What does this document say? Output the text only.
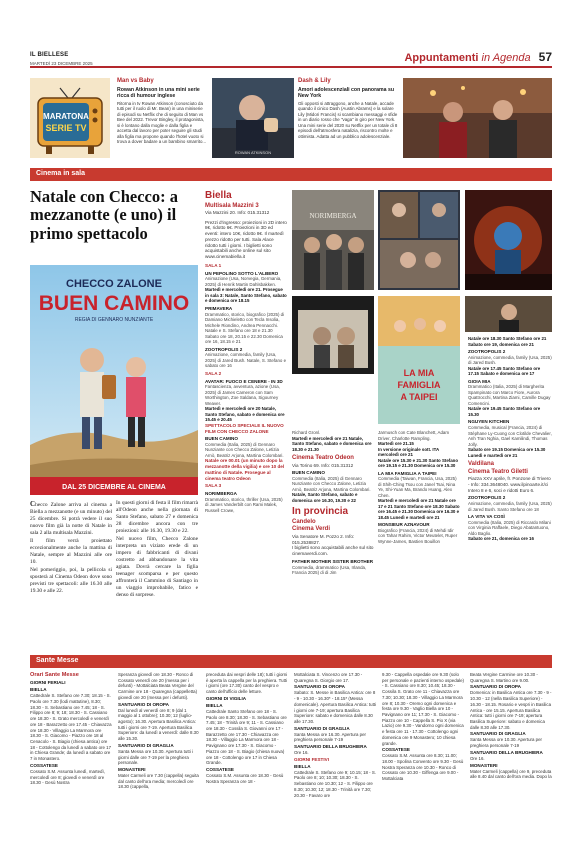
IL BIELLESE
MARTEDÌ 23 DICEMBRE 2025	Appuntamenti in Agenda 57
MARATONA
SERIE TV
Man vs Baby
Rowan Atkinson in una mini serie ricca di humour inglese

Ritorna in tv Rowan Atkinson (conosciuto da tutti per il ruolo di Mr. Bean) in una miniserie di episodi su Netflix che di seguito di Man vs Bee del 2022. Trevor Bingley, il protagonista, si è lontano dalla moglie e dalla figlia e accetta dal lavoro per poter seguire gli studi alla figlia ma propone quando l'hotel vuoto si trova a dover badare a un bambino smarrito...

ROWAN ATKINSON
Dash & Lily
Amori adolescenziali con panorama su New York

Gli opposti si attraggono, anche a Natale, accade quando il cinico Dash (Austin Abrams) e la solare Lily (Midori Francis) si scambiano messaggi e sfide in un diario rosso che "vaga" in giro per New York. Una mini serie del 2020 su Netflix per un totale di 8 episodi dell'atmosfera natalizia, riscontro molte e ottimista. Adatta ad un pubblico adolescenziale.

Cinema in sala
Natale con Checco: a mezzanotte (e uno) il primo spettacolo
CHECCO ZALONE
BUEN CAMINO
REGIA DI GENNARO NUNZIANTE
DAL 25 DICEMBRE AL CINEMA

Checco Zalone arriva al cinema a Biella a mezzanotte (e un minuto) del 25 dicembre. Si potrà vedere il suo nuovo film già la notte di Natale in sala 2 alla multisala Mazzini.

Il film verrà proiettato eccezionalmente anche la mattina di Natale, sempre al Mazzini alle ore 10.

Nel pomeriggio, poi, la pellicola si sposterà al Cinema Odeon dove sono previsti tre spettacoli: alle 16.30 alle 19.30 e alle 22.

In questi giorni di festa il film rimarrà all'Odeon anche nella giornata di Santo Stefano, sabato 27 e domenica 28 dicembre ancora con tre proiezioni: alle 16.30, 19.30 e 22.

Nel nuovo film, Checco Zalone interpreta un viziato erede di un impero di fabbricanti di divani costretto ad abbandonare la vita agiata. Dovrà cercare la figlia teenager scomparsa e per questo affronterà il Cammino di Santiago in un viaggio improbabile, fatico e denso di sorprese.

Biella
Multisala Mazzini 3
Via Mazzini 20. Info: 015.31312
Prezzi d'ingresso: proiezioni in 2D intero 8€, ridotto 6€. Proiezioni in 3D ed eventi: intero 10€, ridotto 8€. Il martedì prezzo ridotto per tutti. Sala Alace ridotto tutti i giorni. I biglietti sono acquistabili anche online sul sito www.cinemabiella.it
SALA 1
UN PEPOLINO SOTTO L'ALBERO
Animazione (Usa, Norvegia, Germania, 2025) di Henrik Martin Dahlsbakken.
Martedì e mercoledì ore 21. Prosegue in sala 3: Natale, Santo Stefano, sabato e domenica ore 18.15
PRIMAVERA
Drammatico, storico, biografico (2025) di Damiano Michieletto con Tecla Insolia, Michele Riondino, Andrea Pennacchi. Natale e S. Stefano ore 18 e 21.30 Sabato ore 18, 20.15 e 22.30 Domenica ore 16, 18.15 e 21
ZOOTROPOLIS 2
Animazione, commedia, family (Usa, 2025) di Jared Bush. Natale, S. Stefano e sabato ore 16
SALA 2
AVATAR: FUOCO E CENERE - IN 3D
Fantascienza, avventura, azione (Usa, 2025) di James Cameron con Sam Worthington, Zoe Saldana, Sigourney Weaver.
Martedì e mercoledì ore 20 Natale, Santo Stefano, sabato e domenica ore 15.45 e 20.45
SPETTACOLO SPECIALE IL NUOVO FILM CON CHECCO ZALONE
BUEN CAMINO
Commedia (Italia, 2025) di Gennaro Nunziante con Checco Zalone, Letizia Arnò, Beatriz Arjona, Martina Colombari.
Natale ore 00.01 (un minuto dopo la mezzanotte della vigilia) e ore 10 del mattino di Natale. Prosegue al cinema teatro Odeon
SALA 3
NORIMBERGA
Drammatico, storico, thriller (Usa, 2025) di James Vanderbilt con Rami Malek, Russell Crowe,
NORIMBERGA
LA MIA
FAMIGLIA
A TAIPEI
Richard Gronl.
Martedì e mercoledì ore 21 Natale, Santo Stefano, sabato e domenica ore 18.30 e 21.30
Cinema Teatro Odeon
Via Torino 69. Info: 015.31312
BUEN CAMINO
Commedia (Italia, 2025) di Gennaro Nunziante con Checco Zalone, Letizia Arnò, Beatriz Arjona, Martina Colombari.
Natale, Santo Stefano, sabato e domenica ore 16.30, 19.30 e 22
In provincia
Candelo
Cinema Verdi
Via Senatore M. Pozzo 2. Info: 015.2538827.
I biglietti sono acquistabili anche sul sito cinemaverdi.com.
FATHER MOTHER SISTER BROTHER
Commedia, drammatico (Usa, Irlanda, Francia 2025) di di Jim
Jarmusch con Cate Blanchett, Adam Driver, Charlotte Rampling.
Martedì ore 21.15
In versione originale sott. ITA mercoledì ore 21
Natale ore 15.30 e 21.30 Santo Stefano ore 19.15 e 21.30 Domenica ore 15.30
LA MIA FAMIGLIA A TAIPEI
Commedia (Taiwan, Francia, Usa, 2025) di Shih-Ching Tsou con Janel Tsai, Nina Ye, Shi-Yuan Ma, Brando Huang, Alex Chen.
Martedì e mercoledì ore 21 Natale ore 17 e 21 Santo Stefano ore 18.30 Sabato ore 16.45 e 21.30 Domenica ore 16.30 e 18.45 Lunedì e martedì ore 21
MONSIEUR AZNAVOUR
Biografico (Francia, 2024) di Mehdi Idir con Tahar Rahim, Victor Meutelet, Ruper Wynne-James, Bastien Bouillon
Natale ore 18.30 Santo Stefano ore 21 Sabato ore 19, domenica ore 21
ZOOTROPOLIS 2
Animazione, commedia, family (Usa, 2025) di Jared Bush.
Natale ore 17.45 Santo Stefano ore 17.15 Sabato e domenica ore 17
GIOIA MIA
Drammatico (Italia, 2025) di Margherita Spampinato con Marco Fiore, Aurora Quattrocchi, Martina Ziami, Camille Dugay Comencini.
Natale ore 19.45 Santo Stefano ore 15.30
NGUYEN KITCHEN
Commedia, musical (Francia, 2024) di Stéphane Ly-Cuong con Clotilde Chevalier, Anh Tran Nghia, Gael Kamilindi, Thomas Jolly.
Sabato ore 19.15 Domenica ore 15.30 Lunedì e martedì ore 21
Valdilana
Cinema Teatro Giletti
Piazza XXV aprile, fr. Ponzone di Trivero - Info: 334.3648040. www.ilpinoarte.it/ci
Intero 8 e 6, soci e ridotti Euro 6.
ZOOTROPOLIS 2
Animazione, commedia, family (Usa, 2025) di Jared Bush. Santo Stefano ore 18
LA VITA VA COSÌ
Commedia (Italia, 2025) di Riccardo Milani con Virginia Raffaele, Diego Abatantuono, Aldo Baglio.
Sabato ore 21, domenica ore 16
Sante Messe
Orari Sante Messe
GIORNI FERIALI
BIELLA
Cattedrale S. Stefano ore 7.30; 18.15 - S. Paolo ore 7.30 (lodi mattutine), 8.30; 18.30 - S. Sebastiano ore 7.45; 18 - S. Filippo ore 8; 9; 18; 18.30 - S. Cassiano ore 18.30 - S. Grato mercoledì e venerdì ore 18 - Barazzetto ore 17.45 - Chiavazza ore 18.30 - Villaggio La Marmora ore 18.30 - S. Giacomo - Piazzo ore 18 al Cenacolo - S. Biagio (chiesa antica) ore 18 - Cottolengo da lunedì a sabato ore 17 in Chiesa Grande; da lunedì a sabato ore 7 in Monastero.
COSSATESE
Cossato S.M. Assunta lunedì, martedì, mercoledì ore 8; giovedì e venerdì ore 18.30 - Gesù Nostra
Speranza giovedì ore 18.30 - Ronco di Cossato venerdì ore 20 (messa per i defunti) - Mottalciata Beata Vergine del Carmine ore 18 - Quaregna (cappelletta) giovedì ore 20 (messa per i defunti).
SANTUARIO DI OROPA
Dal lunedì al venerdì ore 8; 9 (dal 1 maggio al 1 ottobre); 10.30; 12 (luglio-agosto); 16.30. Apertura Basilica Antica: tutti i giorni ore 7-19. Apertura Basilica Superiore: da lunedì a venerdì: dalle 8.30 alle 15.30.
SANTUARIO DI GRAGLIA
Santa Messa ore 10.30. Apertura tutti i giorni dalle ore 7-19 per la preghiera personale.
MONASTERI
Mater Carmeli ore 7.30 (cappella) seguita dal canto dell'ora media; mercoledì ore 18.30 (cappella,
preceduta dai vespri delle 18); tutti i giorni è aperta la cappella per la preghiera. Tutti i giorni (ore 17.30) canto del vespro e canto dell'ufficio delle letture.
GIORNI DI VIGILIA
BIELLA
Cattedrale Santo Stefano ore 18 - S. Paolo ore 8.30; 18.30 - S. Sebastiano ore 7.45; 18 - Trinità ore 9; 11 - S. Cassiano ore 18.30 - Cossila S. Giovanni ore 17 - Barazzetto ore 17.30 - Chiavazza ore 18.30 - Villaggio La Marmora ore 18 - Pavignano ore 17.30 - S. Giacomo - Piazzo ore 18 - S. Biagio (chiesa nuova) ore 18 - Cottolengo ore 17 in Chiesa Grande.
COSSATESE
Cossato S.M. Assunta ore 18.30 - Gesù Nostra Speranza ore 18 -
Mottalciata S. Vincenzo ore 17.30 - Quaregna S. Giorgio ore 17.
SANTUARIO DI OROPA
Sabato: S. Messe in Basilica Antica: ore 8 - 9 - 10.30 - 16.30* - 18.15* (Messa domenicale). Apertura Basilica Antica: tutti i giorni ore 7-19; apertura Basilica Superiore: sabato e domenica dalle 8.30 alle 17.30.
SANTUARIO DI GRAGLIA
Santa Messa ore 16.30. Apertura per preghiera personale 7-19
SANTUARIO DELLA BRUGHIERA
Ore 16.
GIORNI FESTIVI
BIELLA
Cattedrale S. Stefano ore 9; 10.15; 18 - S. Paolo ore 8; 10; 10.30; 18.30 - S. Sebastiano ore 10.30; 12 - S. Filippo ore 8.30; 10.30; 12; 18.30 - Trinità ore 7.30; 20.30 - Favaro ore
9.30 - Cappella ospedale ore 9.30 (solo per personale e pazienti interno ospedale) - S. Cassiano ore 8.30; 10.45; 18.30 - Cossila S. Grato ore 11 - Chiavazza ore 7.30; 10.30; 18.30 - Villaggio La Marmora ore 8; 10.30 - Oremo ogni domenica e festa ore 9.30 - Vaglio Biella ore 10 - Pavignano ore 11; 17.30 - S. Giacomo - Piazzo ore 10 - Cappella S. Pio X (via Lazio) ore 9.30 - Vandorno ogni domenica e festa ore 11 - 17.30 - Cottolengo ogni domenica ore 9 Monastero; 10 chiesa grande.
COSSATESE
Cossato S.M. Assunta ore 8.30; 11.00; 18.00 - Spolina Convento ore 9.30 - Gesù Nostra Speranza ore 10.30 - Ronco di Cossato ore 10.30 - Giffenga ore 9.00 - Mottalciata
Beata Vergine Carmine ore 10.30 - Quaregna S. Martino ore 9.00.
SANTUARIO DI OROPA
Domenica: in Basilica Antica ore 7.30 - 9 - 10.30 - 12 (nella Basilica Superiore) - 16.30 - 18.15. Rosario e vespri in Basilica Antica - ore 15.15. Apertura Basilica Antica: tutti i giorni ore 7-19; apertura Basilica Superiore: sabato e domenica dalle 8.30 alle 17.30.
SANTUARIO DI GRAGLIA
Santa Messa ore 10.30. Apertura per preghiera personale 7-19
SANTUARIO DELLA BRUGHIERA
Ore 16.
MONASTERI
Mater Carmeli (cappella) ore 9, preceduta alle 8.40 dal canto dell'ora media. Dopo la
